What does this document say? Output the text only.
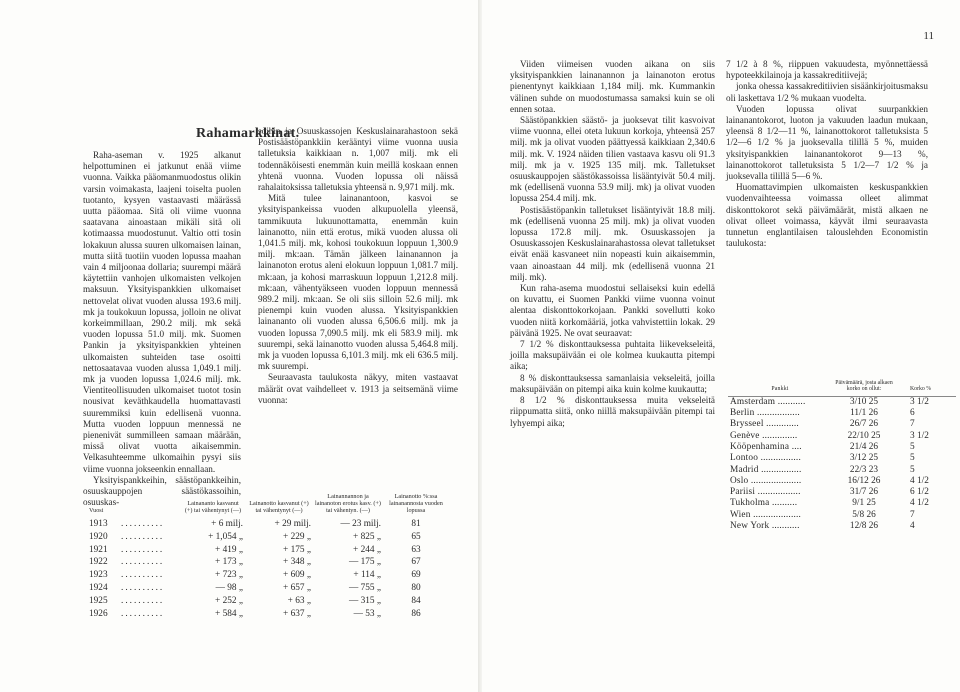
Rahamarkkinat.

Raha-aseman v. 1925 alkanut helpottuminen ei jatkunut enää viime vuonna. Vaikka pääomanmuodostus olikin varsin voimakasta, laajeni toiselta puolen tuotanto, kysyen vastaavasti määrässä uutta pääomaa. Sitä oli viime vuonna saatavana ainoastaan mikäli sitä oli kotimaassa muodostunut. Valtio otti tosin lokakuun alussa suuren ulkomaisen lainan, mutta siitä tuotiin vuoden lopussa maahan vain 4 miljoonaa dollaria; suurempi määrä käytettiin vanhojen ulkomaisten velkojen maksuun. Yksityispankkien ulkomaiset nettovelat olivat vuoden alussa 193.6 milj. mk ja toukokuun lopussa, jolloin ne olivat korkeimmillaan, 290.2 milj. mk sekä vuoden lopussa 51.0 milj. mk. Suomen Pankin ja yksityispankkien yhteinen ulkomaisten suhteiden tase osoitti nettosaatavaa vuoden alussa 1,049.1 milj. mk ja vuoden lopussa 1,024.6 milj. mk. Vientiteollisuuden ulkomaiset tuotot tosin nousivat keväthkaudella huomattavasti suuremmiksi kuin edellisenä vuonna. Mutta vuoden loppuun mennessä ne pienenivät summilleen samaan määrään, missä olivat vuotta aikaisemmin. Velkasuhteemme ulkomaihin pysyi siis viime vuonna jokseenkin ennallaan.

Yksityispankkeihin, säästöpankkeihin, osuuskauppojen säästökassoihin, osuuskas-

soihin ja Osuuskassojen Keskuslainarahastoon sekä Postisäästöpankkiin kerääntyi viime vuonna uusia talletuksia kaikkiaan n. 1,007 milj. mk eli todennäköisesti enemmän kuin meillä koskaan ennen yhtenä vuonna. Vuoden lopussa oli näissä rahalaitoksissa talletuksia yhteensä n. 9,971 milj. mk.

Mitä tulee lainanantoon, kasvoi se yksityispankeissa vuoden alkupuolella yleensä, tammikuuta lukuunottamatta, enemmän kuin lainanotto, niin että erotus, mikä vuoden alussa oli 1,041.5 milj. mk, kohosi toukokuun loppuun 1,300.9 milj. mk:aan. Tämän jälkeen lainanannon ja lainanoton erotus aleni elokuun loppuun 1,081.7 milj. mk:aan, ja kohosi marraskuun loppuun 1,212.8 milj. mk:aan, vähentyäkseen vuoden loppuun mennessä 989.2 milj. mk:aan. Se oli siis silloin 52.6 milj. mk pienempi kuin vuoden alussa. Yksityispankkien lainananto oli vuoden alussa 6,506.6 milj. mk ja vuoden lopussa 7,090.5 milj. mk eli 583.9 milj. mk suurempi, sekä lainanotto vuoden alussa 5,464.8 milj. mk ja vuoden lopussa 6,101.3 milj. mk eli 636.5 milj. mk suurempi.

Seuraavasta taulukosta näkyy, miten vastaavat määrät ovat vaihdelleet v. 1913 ja seitsemänä viime vuonna:

Vuosi		Lainananto kasvanut (+) tai vähentynyt (—)	Lainanotto kasvanut (+) tai vähentynyt (—)	Lainannannon ja lainanoton erotus kasv. (+) tai vähentyn. (—)	Lainanotto %:ssa lainanannosta vuoden lopussa
1913	..........	+ 6 milj.	+ 29 milj.	— 23 milj.	81
1920	..........	+ 1,054 „	+ 229 „	+ 825 „	65
1921	..........	+ 419 „	+ 175 „	+ 244 „	63
1922	..........	+ 173 „	+ 348 „	— 175 „	67
1923	..........	+ 723 „	+ 609 „	+ 114 „	69
1924	..........	— 98 „	+ 657 „	— 755 „	80
1925	..........	+ 252 „	+ 63 „	— 315 „	84
1926	..........	+ 584 „	+ 637 „	— 53 „	86
11

Viiden viimeisen vuoden aikana on siis yksityispankkien lainanannon ja lainanoton erotus pienentynyt kaikkiaan 1,184 milj. mk. Kummankin välinen suhde on muodostumassa samaksi kuin se oli ennen sotaa.

Säästöpankkien säästö- ja juoksevat tilit kasvoivat viime vuonna, ellei oteta lukuun korkoja, yhteensä 257 milj. mk ja olivat vuoden päättyessä kaikkiaan 2,340.6 milj. mk. V. 1924 näiden tilien vastaava kasvu oli 91.3 milj. mk ja v. 1925 135 milj. mk. Talletukset osuuskauppojen säästökassoissa lisääntyivät 50.4 milj. mk (edellisenä vuonna 53.9 milj. mk) ja olivat vuoden lopussa 254.4 milj. mk.

Postisäästöpankin talletukset lisääntyivät 18.8 milj. mk (edellisenä vuonna 25 milj. mk) ja olivat vuoden lopussa 172.8 milj. mk. Osuuskassojen ja Osuuskassojen Keskuslainarahastossa olevat talletukset eivät enää kasvaneet niin nopeasti kuin aikaisemmin, vaan ainoastaan 44 milj. mk (edellisenä vuonna 21 milj. mk).

Kun raha-asema muodostui sellaiseksi kuin edellä on kuvattu, ei Suomen Pankki viime vuonna voinut alentaa diskonttokorkojaan. Pankki sovellutti koko vuoden niitä korkomääriä, jotka vahvistettiin lokak. 29 päivänä 1925. Ne ovat seuraavat:

7 1/2 % diskonttauksessa puhtaita liikevekseleitä, joilla maksupäivään ei ole kolmea kuukautta pitempi aika;

8 % diskonttauksessa samanlaisia vekseleitä, joilla maksupäivään on pitempi aika kuin kolme kuukautta;

8 1/2 % diskonttauksessa muita vekseleitä riippumatta siitä, onko niillä maksupäivään pitempi tai lyhyempi aika;

7 1/2 à 8 %, riippuen vakuudesta, myönnettäessä hypoteekkilainoja ja kassakreditiivejä;

jonka ohessa kassakreditiivien sisäänkirjoitusmaksu oli laskettava 1/2 % mukaan vuodelta.

Vuoden lopussa olivat suurpankkien lainanantokorot, luoton ja vakuuden laadun mukaan, yleensä 8 1/2—11 %, lainanottokorot talletuksista 5 1/2—6 1/2 % ja juoksevalla tilillä 5 %, muiden yksityispankkien lainanantokorot 9—13 %, lainanottokorot talletuksista 5 1/2—7 1/2 % ja juoksevalla tilillä 5—6 %.

Huomattavimpien ulkomaisten keskuspankkien vuodenvaihteessa voimassa olleet alimmat diskonttokorot sekä päivämäärät, mistä alkaen ne olivat olleet voimassa, käyvät ilmi seuraavasta tunnetun englantilaisen talouslehden Economistin taulukosta:

Pankki	Päivämäärä, josta alkaen korko on ollut:	Korko %
Amsterdam ...........	3/10 25	3 1/2
Berlin .................	11/1 26	6
Brysseel .............	26/7 26	7
Genève ..............	22/10 25	3 1/2
Kööpenhamina ....	21/4 26	5
Lontoo ................	3/12 25	5
Madrid ................	22/3 23	5
Oslo ....................	16/12 26	4 1/2
Pariisi .................	31/7 26	6 1/2
Tukholma ..........	9/1 25	4 1/2
Wien ...................	5/8 26	7
New York ...........	12/8 26	4
